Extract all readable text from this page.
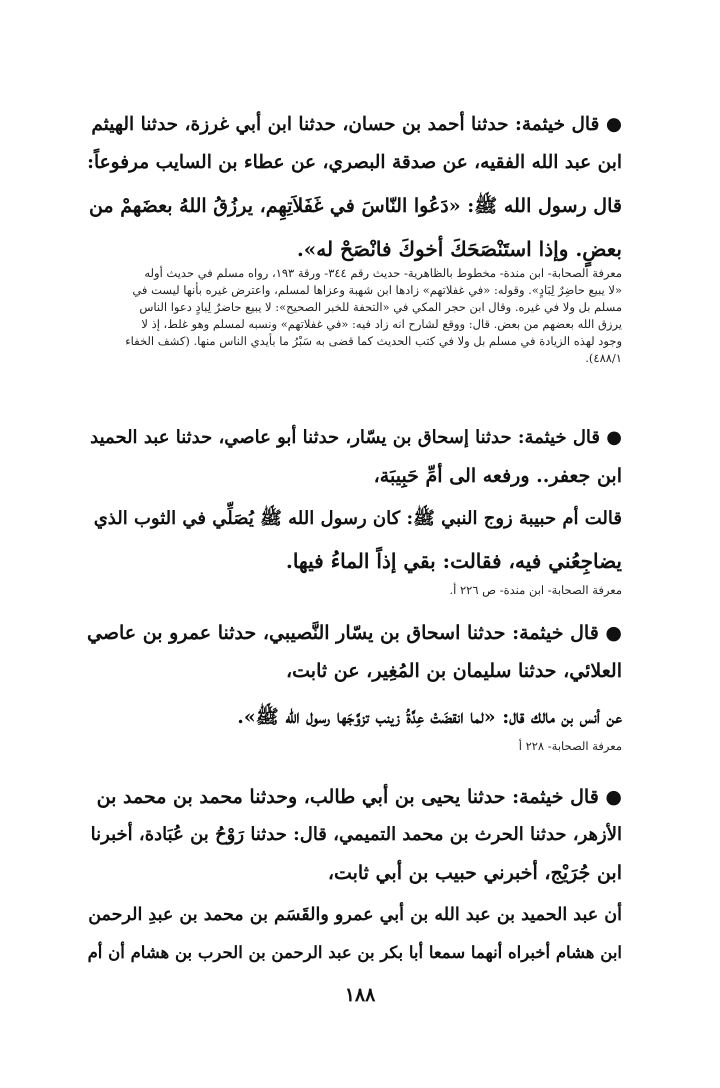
● قال خيثمة: حدثنا أحمد بن حسان، حدثنا ابن أبي غرزة، حدثنا الهيثم
ابن عبد الله الفقيه، عن صدقة البصري، عن عطاء بن السايب مرفوعاً:
قال رسول الله ﷺ: «دَعُوا النّاسَ في غَفَلاَتِهِم، يرزُقُ اللهُ بعضَهمْ من
بعضٍ. وإذا استَنْصَحَكَ أخوكَ فانْصَحْ له».
معرفة الصحابة- ابن مندة- مخطوط بالظاهرية- حديث رقم ٣٤٤- ورقة ١٩٣، رواه مسلم في حديث أوله
«لا يبيع حاضِرٌ لِبَادٍ». وقوله: «في غفلاتهم» زادها ابن شهبة وعزاها لمسلم، واعترض غيره بأنها ليست في
مسلم بل ولا في غيره. وقال ابن حجر المكي في «التحفة للخبر الصحيح»: لا يبيع حاضرٌ لِبادٍ دعوا الناس
يرزق الله بعضهم من بعض. قال: ووقع لشارح انه زاد فيه: «في غفلاتهم» ونسبه لمسلم وهو غلط، إذ لا
وجود لهذه الزيادة في مسلم بل ولا في كتب الحديث كما قضى به سَبْرُ ما بأيدي الناس منها. (كشف الخفاء
٤٨٨/١).
● قال خيثمة: حدثنا إسحاق بن يسّار، حدثنا أبو عاصي، حدثنا عبد الحميد
ابن جعفر.. ورفعه الى أمِّ حَبِيبَة،
قالت أم حبيبة زوج النبي ﷺ: كان رسول الله ﷺ يُصَلِّي في الثوب الذي
يضاجِعُني فيه، فقالت: بقي إذاً الماءُ فيها.
معرفة الصحابة- ابن مندة- ص ٢٢٦ أ.
● قال خيثمة: حدثنا اسحاق بن يسّار النَّصيبي، حدثنا عمرو بن عاصي
العلائي، حدثنا سليمان بن المُغِير، عن ثابت،
عن أنس بن مالك قال: «لما انقضَتْ عِدَّةُ زينب تزوَّجَها رسول الله ﷺ».
معرفة الصحابة- ٢٢٨ أ
● قال خيثمة: حدثنا يحيى بن أبي طالب، وحدثنا محمد بن محمد بن
الأزهر، حدثنا الحرث بن محمد التميمي، قال: حدثنا رَوْحُ بن عُبَادة، أخبرنا
ابن جُرَيْج، أخبرني حبيب بن أبي ثابت،
أن عبد الحميد بن عبد الله بن أبي عمرو والقَسَم بن محمد بن عبدِ الرحمن
ابن هشام أخبراه أنهما سمعا أبا بكر بن عبد الرحمن بن الحرب بن هشام أن أم
١٨٨
